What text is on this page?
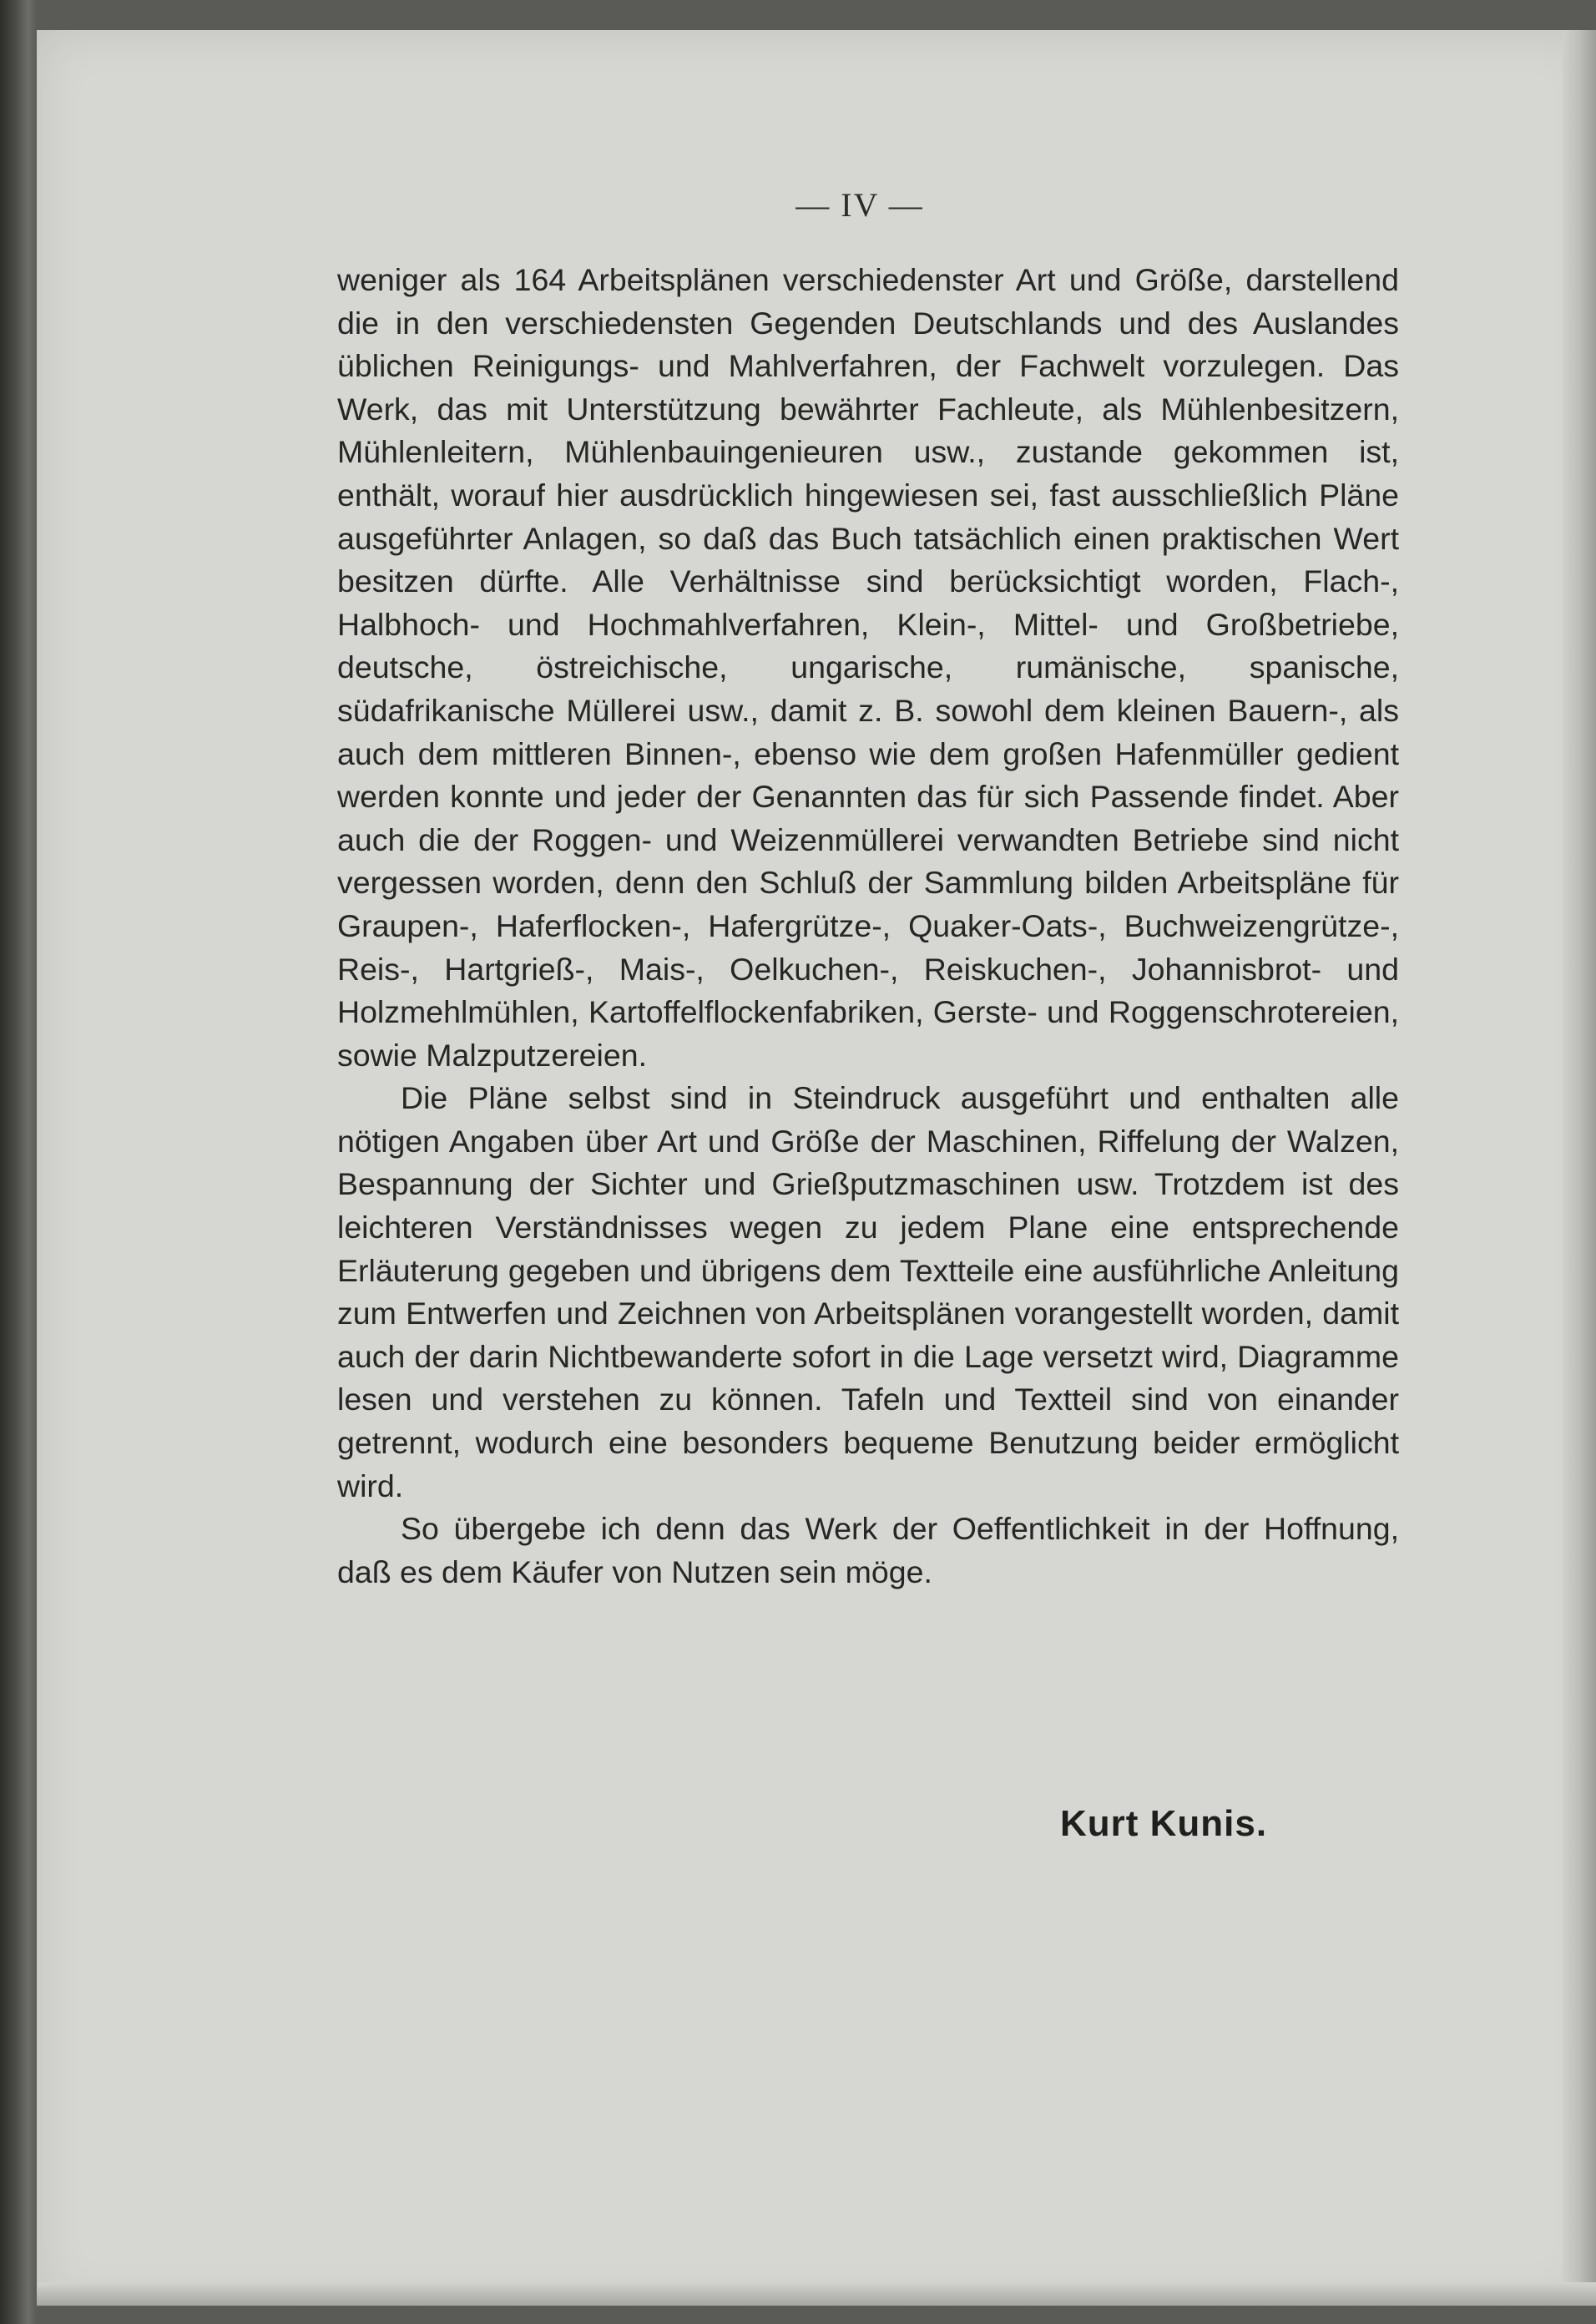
— IV —

weniger als 164 Arbeitsplänen verschiedenster Art und Größe, darstellend die in den verschiedensten Gegenden Deutschlands und des Auslandes üblichen Reinigungs- und Mahlverfahren, der Fachwelt vorzulegen. Das Werk, das mit Unterstützung bewährter Fachleute, als Mühlenbesitzern, Mühlenleitern, Mühlenbauingenieuren usw., zustande gekommen ist, enthält, worauf hier ausdrücklich hingewiesen sei, fast ausschließlich Pläne ausgeführter Anlagen, so daß das Buch tatsächlich einen praktischen Wert besitzen dürfte. Alle Verhältnisse sind berücksichtigt worden, Flach-, Halbhoch- und Hochmahlverfahren, Klein-, Mittel- und Großbetriebe, deutsche, östreichische, ungarische, rumänische, spanische, südafrikanische Müllerei usw., damit z. B. sowohl dem kleinen Bauern-, als auch dem mittleren Binnen-, ebenso wie dem großen Hafenmüller gedient werden konnte und jeder der Genannten das für sich Passende findet. Aber auch die der Roggen- und Weizenmüllerei verwandten Betriebe sind nicht vergessen worden, denn den Schluß der Sammlung bilden Arbeitspläne für Graupen-, Haferflocken-, Hafergrütze-, Quaker-Oats-, Buchweizengrütze-, Reis-, Hartgrieß-, Mais-, Oelkuchen-, Reiskuchen-, Johannisbrot- und Holzmehlmühlen, Kartoffelflockenfabriken, Gerste- und Roggenschrotereien, sowie Malzputzereien.

Die Pläne selbst sind in Steindruck ausgeführt und enthalten alle nötigen Angaben über Art und Größe der Maschinen, Riffelung der Walzen, Bespannung der Sichter und Grießputzmaschinen usw. Trotzdem ist des leichteren Verständnisses wegen zu jedem Plane eine entsprechende Erläuterung gegeben und übrigens dem Textteile eine ausführliche Anleitung zum Entwerfen und Zeichnen von Arbeitsplänen vorangestellt worden, damit auch der darin Nichtbewanderte sofort in die Lage versetzt wird, Diagramme lesen und verstehen zu können. Tafeln und Textteil sind von einander getrennt, wodurch eine besonders bequeme Benutzung beider ermöglicht wird.

So übergebe ich denn das Werk der Oeffentlichkeit in der Hoffnung, daß es dem Käufer von Nutzen sein möge.

Kurt Kunis.
